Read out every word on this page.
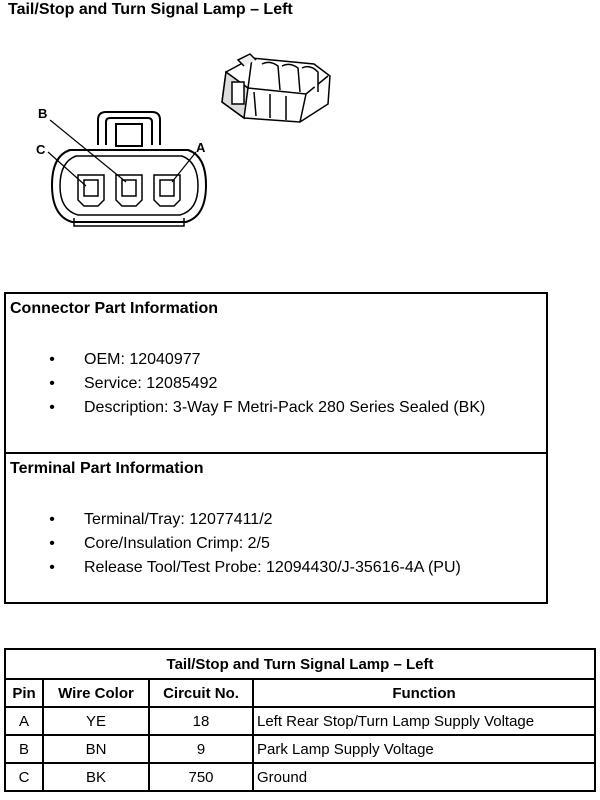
Tail/Stop and Turn Signal Lamp – Left
B
C	A
Connector Part Information
• OEM: 12040977
• Service: 12085492
• Description: 3-Way F Metri-Pack 280 Series Sealed (BK)
Terminal Part Information
• Terminal/Tray: 12077411/2
• Core/Insulation Crimp: 2/5
• Release Tool/Test Probe: 12094430/J-35616-4A (PU)
Tail/Stop and Turn Signal Lamp – Left			
Pin	Wire Color	Circuit No.	Function
A	YE	18	Left Rear Stop/Turn Lamp Supply Voltage
B	BN	9	Park Lamp Supply Voltage
C	BK	750	Ground
